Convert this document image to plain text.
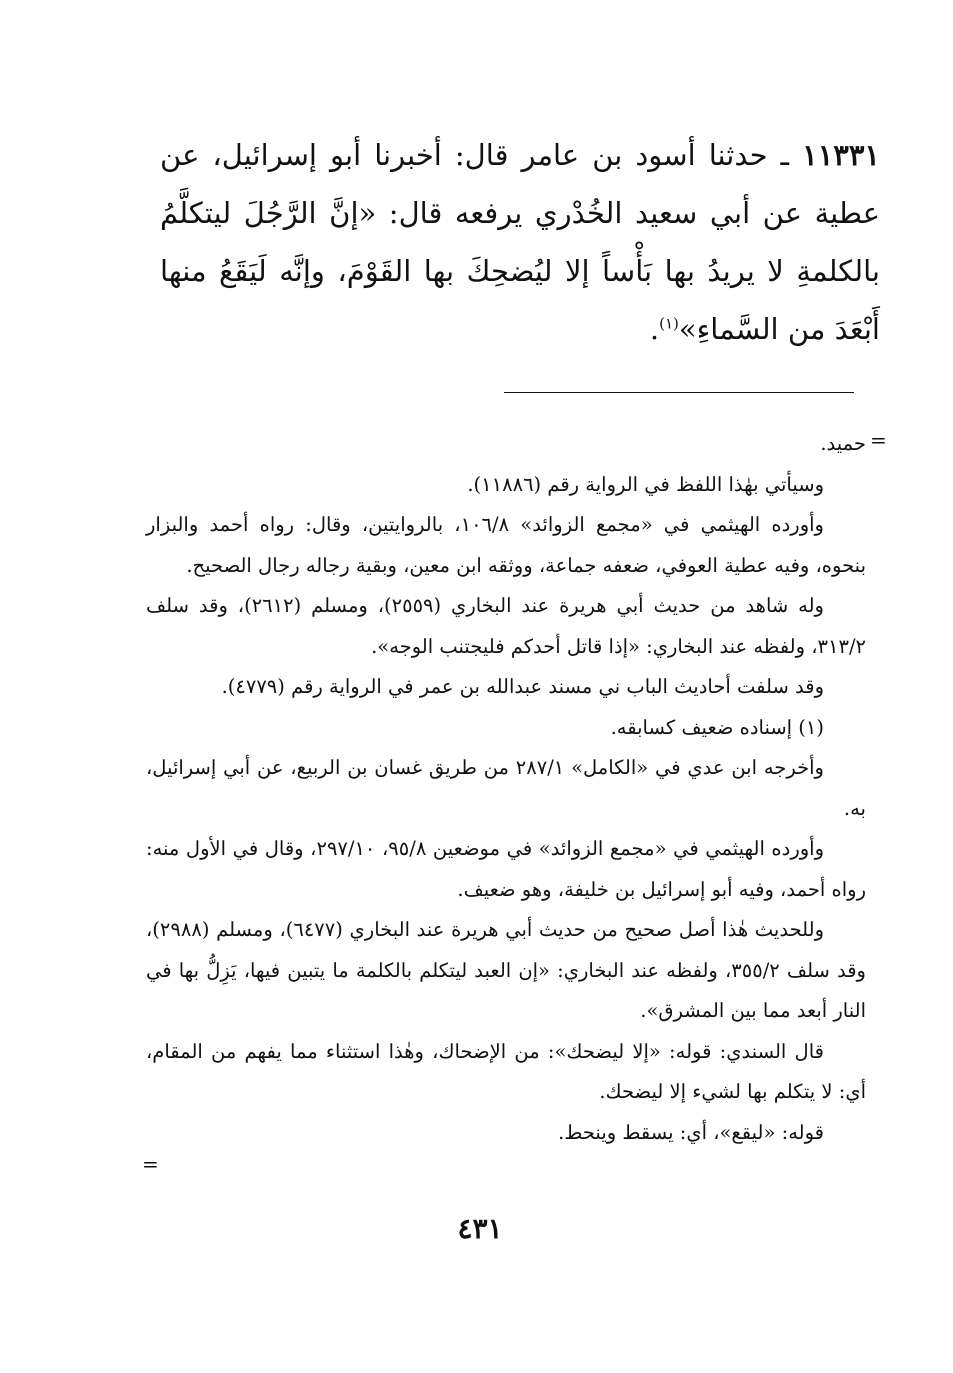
١١٣٣١ ـ حدثنا أسود بن عامر قال: أخبرنا أبو إسرائيل، عن عطية عن أبي سعيد الخُدْري يرفعه قال: «إنَّ الرَّجُلَ ليتكلَّمُ بالكلمةِ لا يريدُ بها بَأْساً إلا ليُضحِكَ بها القَوْمَ، وإنَّه لَيَقَعُ منها أَبْعَدَ من السَّماءِ»$^{(١)}$.

=

حميد.

وسيأتي بهٰذا اللفظ في الرواية رقم (١١٨٨٦).

وأورده الهيثمي في «مجمع الزوائد» ١٠٦/٨، بالروايتين، وقال: رواه أحمد والبزار بنحوه، وفيه عطية العوفي، ضعفه جماعة، ووثقه ابن معين، وبقية رجاله رجال الصحيح.

وله شاهد من حديث أبي هريرة عند البخاري (٢٥٥٩)، ومسلم (٢٦١٢)، وقد سلف ٣١٣/٢، ولفظه عند البخاري: «إذا قاتل أحدكم فليجتنب الوجه».

وقد سلفت أحاديث الباب ني مسند عبدالله بن عمر في الرواية رقم (٤٧٧٩).

(١) إسناده ضعيف كسابقه.

وأخرجه ابن عدي في «الكامل» ٢٨٧/١ من طريق غسان بن الربيع، عن أبي إسرائيل، به.

وأورده الهيثمي في «مجمع الزوائد» في موضعين ٩٥/٨، ٢٩٧/١٠، وقال في الأول منه: رواه أحمد، وفيه أبو إسرائيل بن خليفة، وهو ضعيف.

وللحديث هٰذا أصل صحيح من حديث أبي هريرة عند البخاري (٦٤٧٧)، ومسلم (٢٩٨٨)، وقد سلف ٣٥٥/٢، ولفظه عند البخاري: «إن العبد ليتكلم بالكلمة ما يتبين فيها، يَزِلُّ بها في النار أبعد مما بين المشرق».

قال السندي: قوله: «إلا ليضحك»: من الإضحاك، وهٰذا استثناء مما يفهم من المقام، أي: لا يتكلم بها لشيء إلا ليضحك.

قوله: «ليقع»، أي: يسقط وينحط.

=
٤٣١
